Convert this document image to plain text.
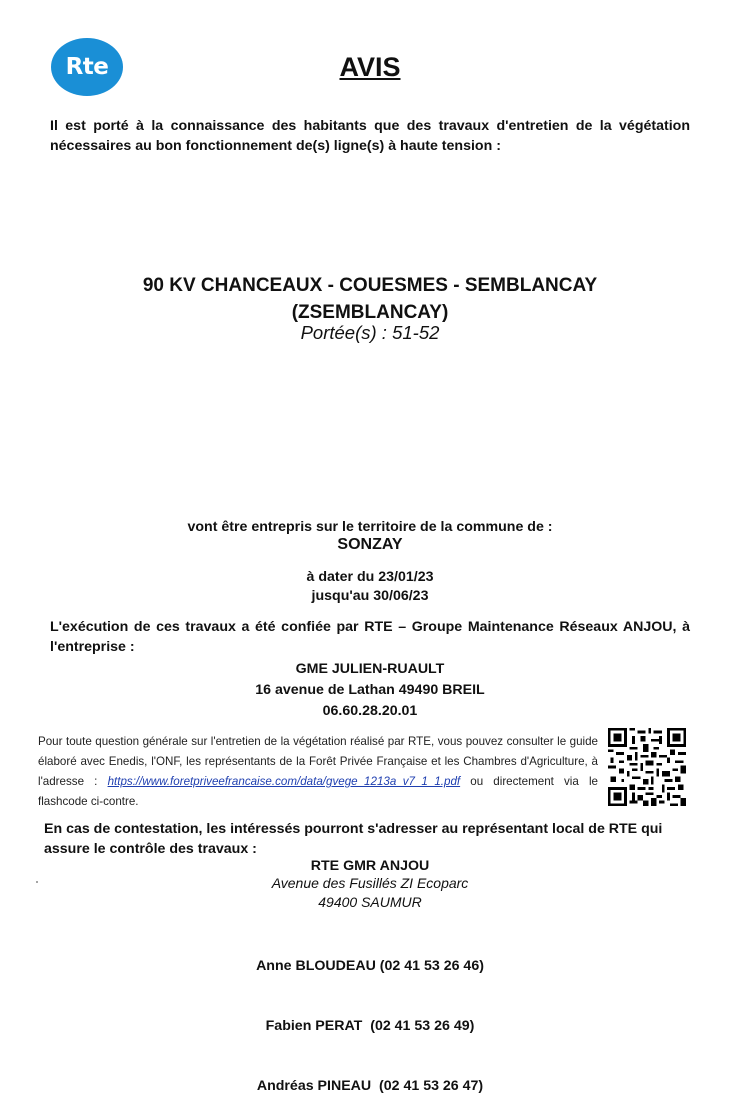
Rte	AVIS
Il est porté à la connaissance des habitants que des travaux d'entretien de la végétation nécessaires au bon fonctionnement de(s) ligne(s) à haute tension :
90 KV CHANCEAUX - COUESMES - SEMBLANCAY
(ZSEMBLANCAY)
Portée(s) : 51-52
vont être entrepris sur le territoire de la commune de :
SONZAY
à dater du 23/01/23
jusqu'au 30/06/23
L'exécution de ces travaux a été confiée par RTE – Groupe Maintenance Réseaux ANJOU, à l'entreprise :
GME JULIEN-RUAULT
16 avenue de Lathan 49490 BREIL
06.60.28.20.01
Pour toute question générale sur l'entretien de la végétation réalisé par RTE, vous pouvez consulter le guide élaboré avec Enedis, l'ONF, les représentants de la Forêt Privée Française et les Chambres d'Agriculture, à l'adresse : https://www.foretpriveefrancaise.com/data/gvege_1213a_v7_1_1.pdf ou directement via le flashcode ci-contre.
En cas de contestation, les intéressés pourront s'adresser au représentant local de RTE qui assure le contrôle des travaux :
RTE GMR ANJOU
Avenue des Fusillés ZI Ecoparc
49400 SAUMUR

Anne BLOUDEAU (02 41 53 26 46)

Fabien PERAT  (02 41 53 26 49)

Andréas PINEAU  (02 41 53 26 47)
